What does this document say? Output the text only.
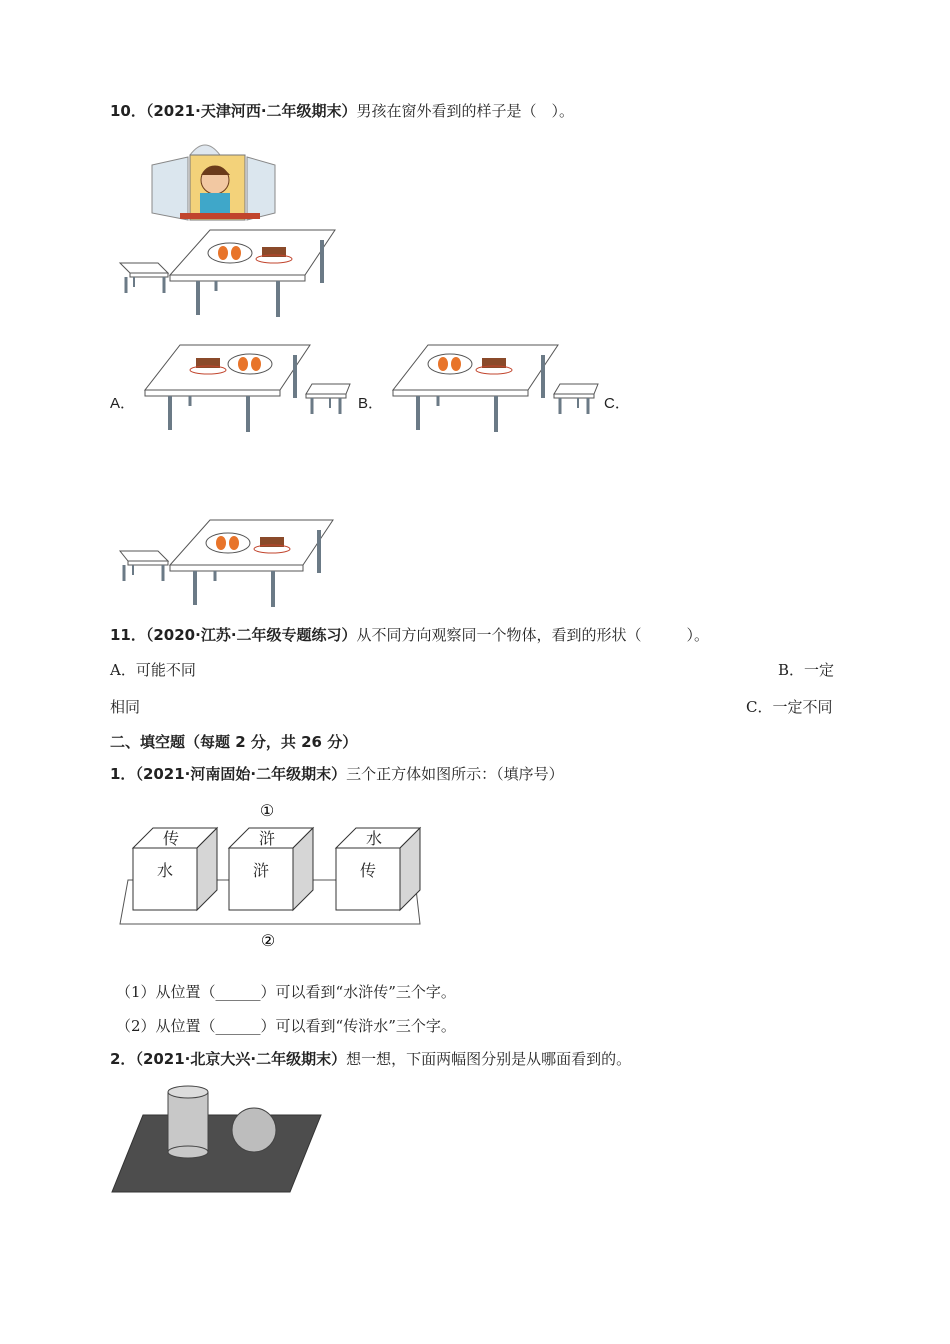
10．（2021·天津河西·二年级期末）男孩在窗外看到的样子是（　）。
A．	B．	C．
11．（2020·江苏·二年级专题练习）从不同方向观察同一个物体，看到的形状（　　　）。
A．可能不同	B．一定
相同	C．一定不同
二、填空题（每题 2 分，共 26 分）
1．（2021·河南固始·二年级期末）三个正方体如图所示：（填序号）
①
传
水
浒
浒
水
传
②
（1）从位置（______）可以看到“水浒传”三个字。
（2）从位置（______）可以看到“传浒水”三个字。
2．（2021·北京大兴·二年级期末）想一想，下面两幅图分别是从哪面看到的。
